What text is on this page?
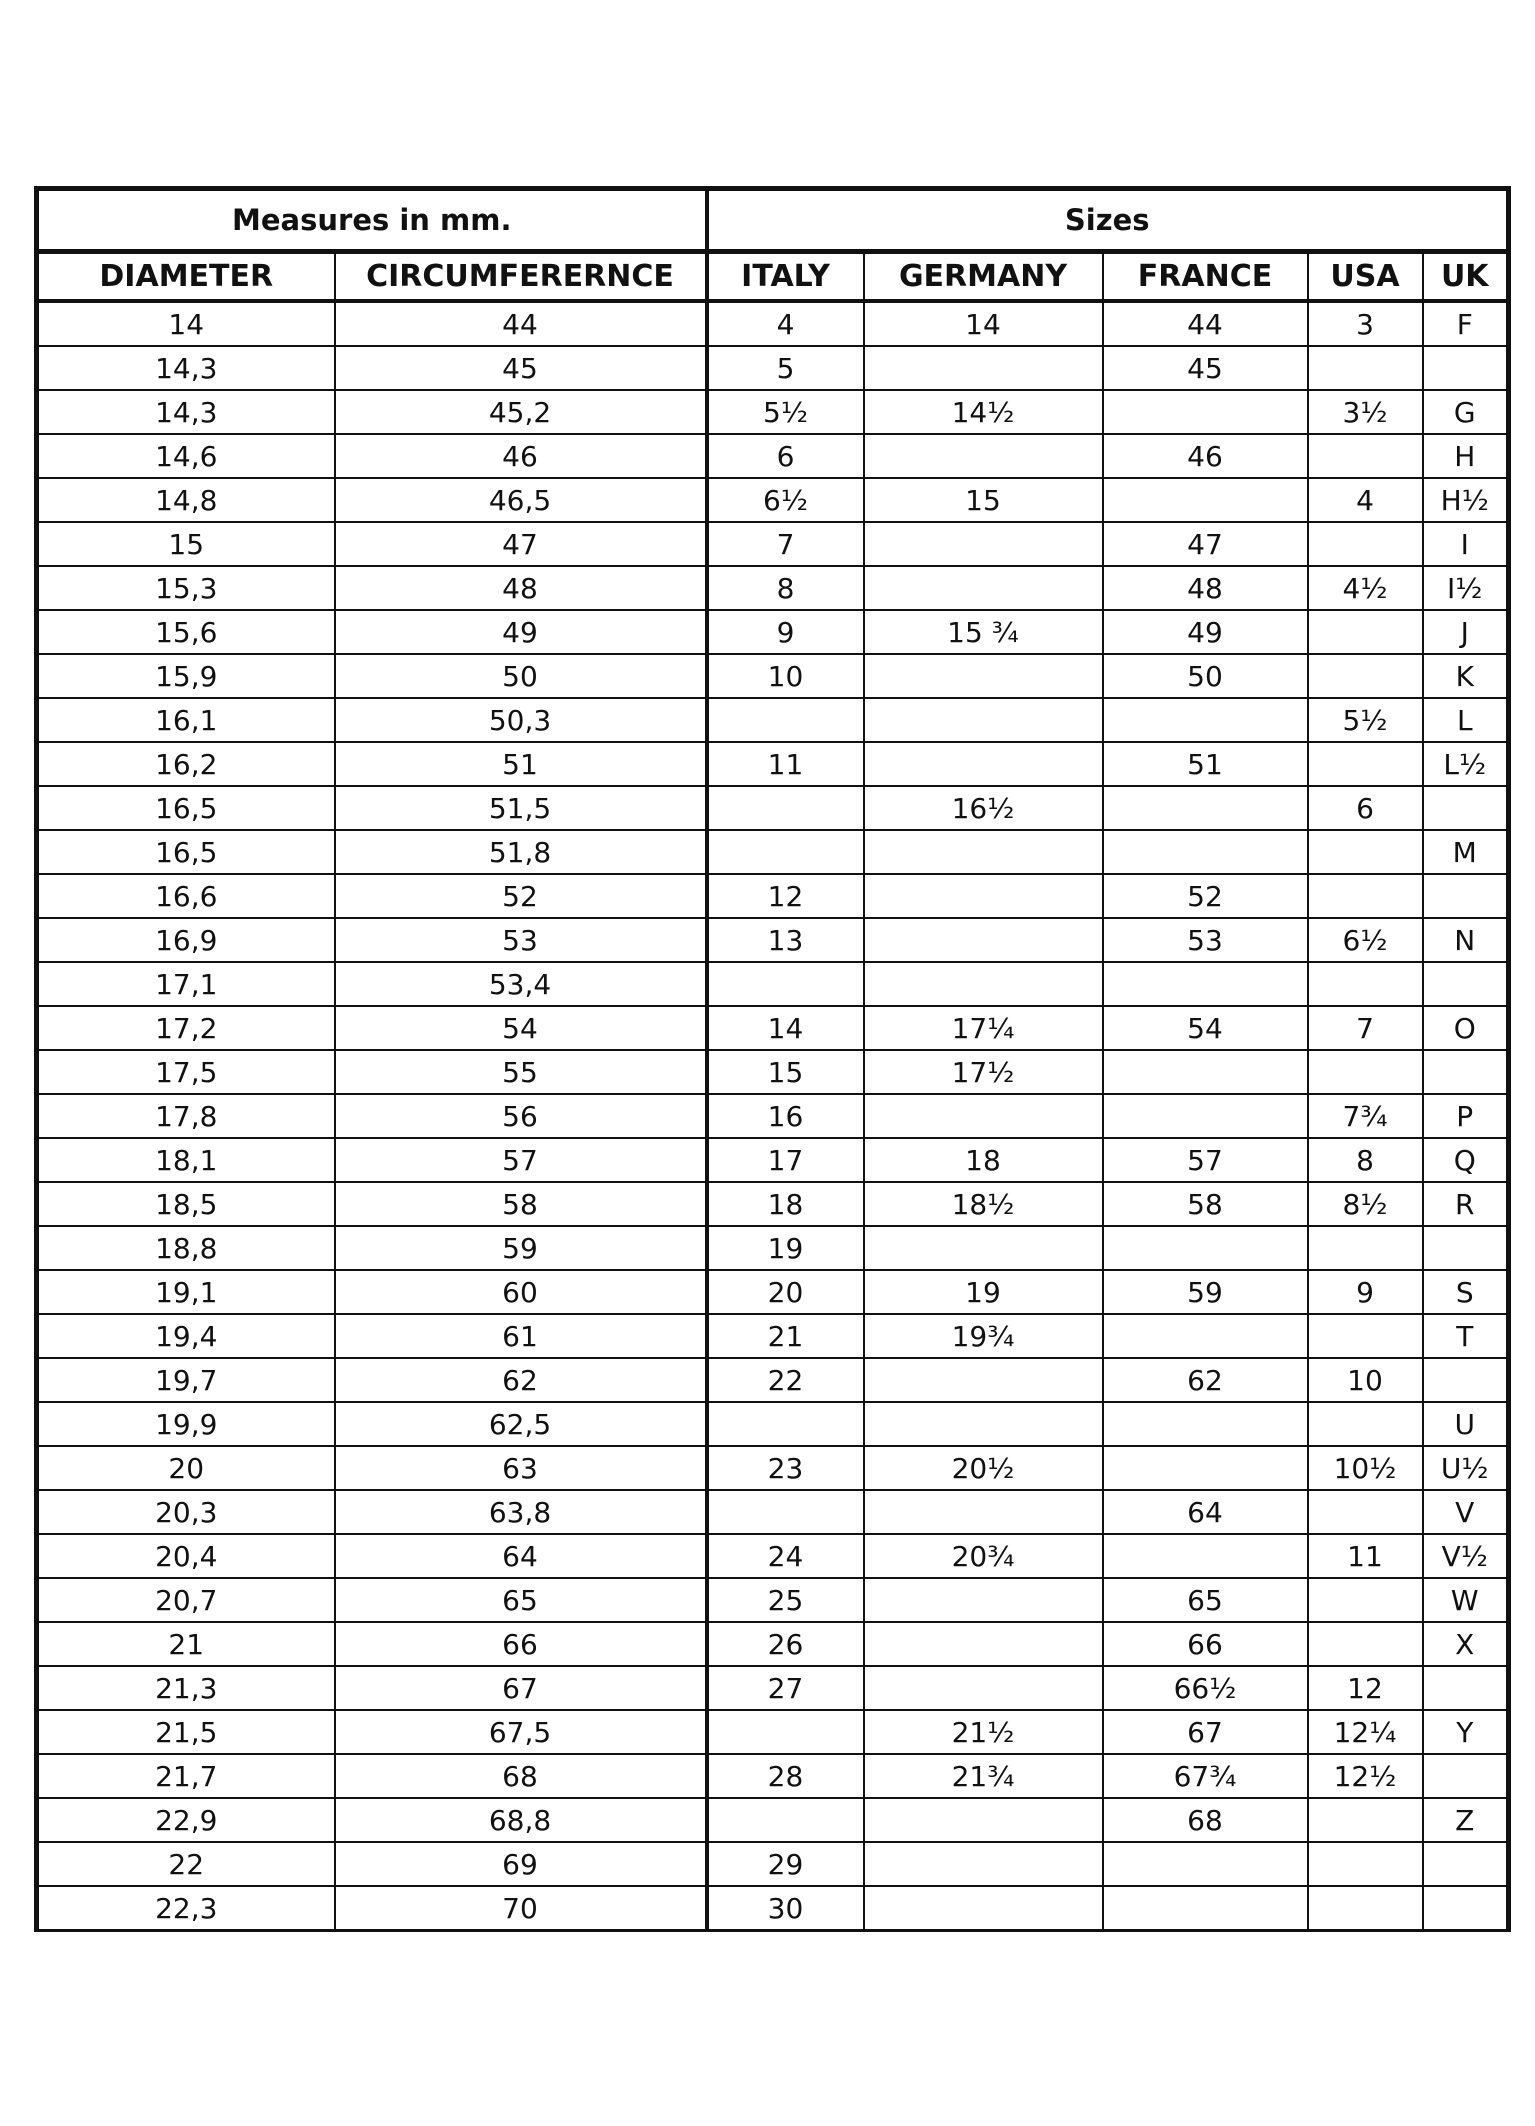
Measures in mm.		Sizes				
DIAMETER	CIRCUMFERERNCE	ITALY	GERMANY	FRANCE	USA	UK
14	44	4	14	44	3	F
14,3	45	5		45		
14,3	45,2	5½	14½		3½	G
14,6	46	6		46		H
14,8	46,5	6½	15		4	H½
15	47	7		47		I
15,3	48	8		48	4½	I½
15,6	49	9	15 ¾	49		J
15,9	50	10		50		K
16,1	50,3				5½	L
16,2	51	11		51		L½
16,5	51,5		16½		6	
16,5	51,8					M
16,6	52	12		52		
16,9	53	13		53	6½	N
17,1	53,4					
17,2	54	14	17¼	54	7	O
17,5	55	15	17½			
17,8	56	16			7¾	P
18,1	57	17	18	57	8	Q
18,5	58	18	18½	58	8½	R
18,8	59	19				
19,1	60	20	19	59	9	S
19,4	61	21	19¾			T
19,7	62	22		62	10	
19,9	62,5					U
20	63	23	20½		10½	U½
20,3	63,8			64		V
20,4	64	24	20¾		11	V½
20,7	65	25		65		W
21	66	26		66		X
21,3	67	27		66½	12	
21,5	67,5		21½	67	12¼	Y
21,7	68	28	21¾	67¾	12½	
22,9	68,8			68		Z
22	69	29				
22,3	70	30				
